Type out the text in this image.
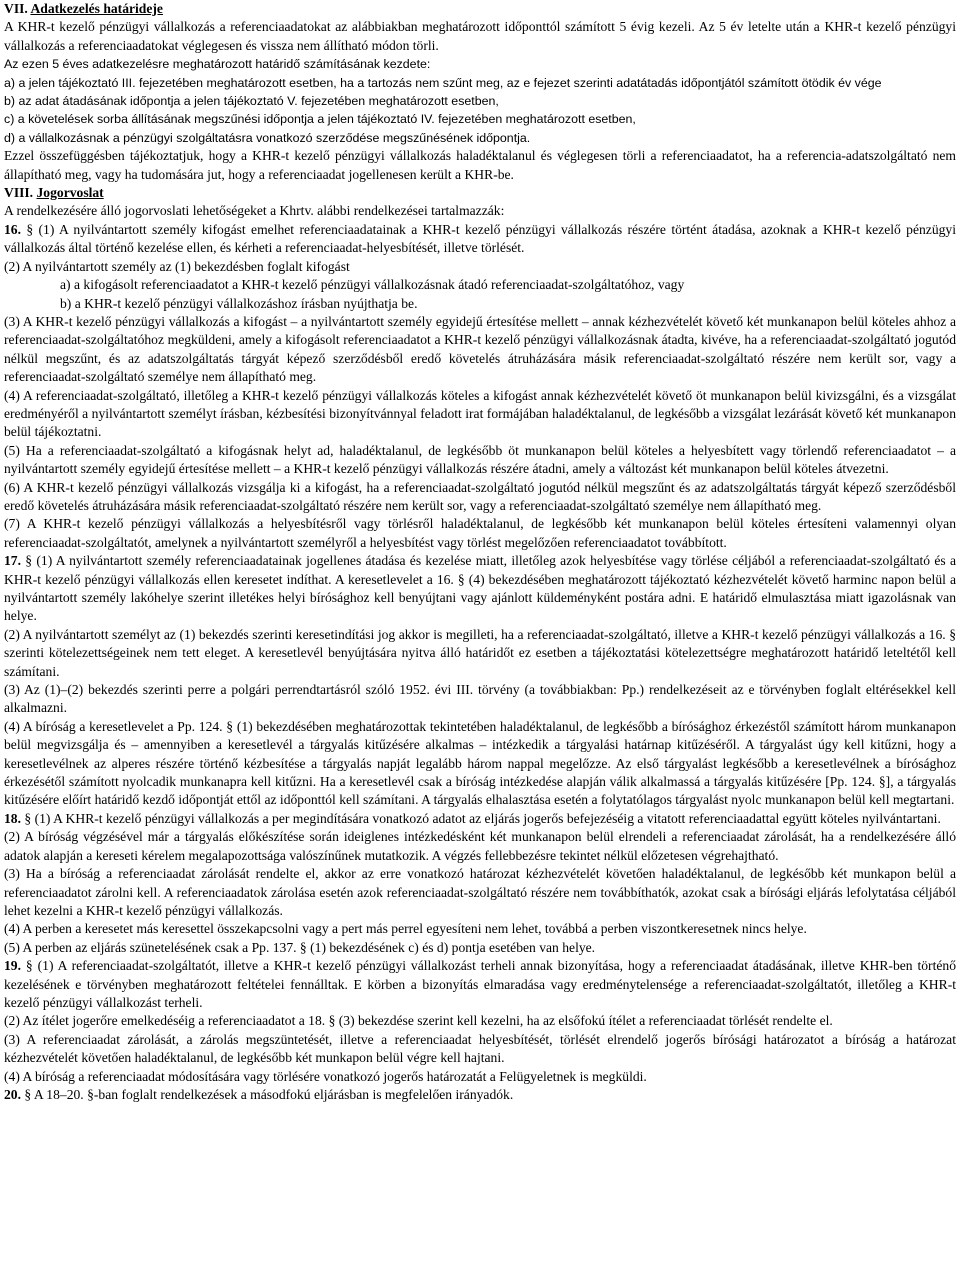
VII. Adatkezelés határideje

A KHR-t kezelő pénzügyi vállalkozás a referenciaadatokat az alábbiakban meghatározott időponttól számított 5 évig kezeli. Az 5 év letelte után a KHR-t kezelő pénzügyi vállalkozás a referenciaadatokat véglegesen és vissza nem állítható módon törli.

Az ezen 5 éves adatkezelésre meghatározott határidő számításának kezdete:

a) a jelen tájékoztató III. fejezetében meghatározott esetben, ha a tartozás nem szűnt meg, az e fejezet szerinti adatátadás időpontjától számított ötödik év vége

b) az adat átadásának időpontja a jelen tájékoztató V. fejezetében meghatározott esetben,

c) a követelések sorba állításának megszűnési időpontja a jelen tájékoztató IV. fejezetében meghatározott esetben,

d) a vállalkozásnak a pénzügyi szolgáltatásra vonatkozó szerződése megszűnésének időpontja.

Ezzel összefüggésben tájékoztatjuk, hogy a KHR-t kezelő pénzügyi vállalkozás haladéktalanul és véglegesen törli a referenciaadatot, ha a referencia-adatszolgáltató nem állapítható meg, vagy ha tudomására jut, hogy a referenciaadat jogellenesen került a KHR-be.

VIII. Jogorvoslat

A rendelkezésére álló jogorvoslati lehetőségeket a Khrtv. alábbi rendelkezései tartalmazzák:

16. § (1) A nyilvántartott személy kifogást emelhet referenciaadatainak a KHR-t kezelő pénzügyi vállalkozás részére történt átadása, azoknak a KHR-t kezelő pénzügyi vállalkozás által történő kezelése ellen, és kérheti a referenciaadat-helyesbítését, illetve törlését.

(2) A nyilvántartott személy az (1) bekezdésben foglalt kifogást

a) a kifogásolt referenciaadatot a KHR-t kezelő pénzügyi vállalkozásnak átadó referenciaadat-szolgáltatóhoz, vagy

b) a KHR-t kezelő pénzügyi vállalkozáshoz írásban nyújthatja be.

(3) A KHR-t kezelő pénzügyi vállalkozás a kifogást – a nyilvántartott személy egyidejű értesítése mellett – annak kézhezvételét követő két munkanapon belül köteles ahhoz a referenciaadat-szolgáltatóhoz megküldeni, amely a kifogásolt referenciaadatot a KHR-t kezelő pénzügyi vállalkozásnak átadta, kivéve, ha a referenciaadat-szolgáltató jogutód nélkül megszűnt, és az adatszolgáltatás tárgyát képező szerződésből eredő követelés átruházására másik referenciaadat-szolgáltató részére nem került sor, vagy a referenciaadat-szolgáltató személye nem állapítható meg.

(4) A referenciaadat-szolgáltató, illetőleg a KHR-t kezelő pénzügyi vállalkozás köteles a kifogást annak kézhezvételét követő öt munkanapon belül kivizsgálni, és a vizsgálat eredményéről a nyilvántartott személyt írásban, kézbesítési bizonyítvánnyal feladott irat formájában haladéktalanul, de legkésőbb a vizsgálat lezárását követő két munkanapon belül tájékoztatni.

(5) Ha a referenciaadat-szolgáltató a kifogásnak helyt ad, haladéktalanul, de legkésőbb öt munkanapon belül köteles a helyesbített vagy törlendő referenciaadatot – a nyilvántartott személy egyidejű értesítése mellett – a KHR-t kezelő pénzügyi vállalkozás részére átadni, amely a változást két munkanapon belül köteles átvezetni.

(6) A KHR-t kezelő pénzügyi vállalkozás vizsgálja ki a kifogást, ha a referenciaadat-szolgáltató jogutód nélkül megszűnt és az adatszolgáltatás tárgyát képező szerződésből eredő követelés átruházására másik referenciaadat-szolgáltató részére nem került sor, vagy a referenciaadat-szolgáltató személye nem állapítható meg.

(7) A KHR-t kezelő pénzügyi vállalkozás a helyesbítésről vagy törlésről haladéktalanul, de legkésőbb két munkanapon belül köteles értesíteni valamennyi olyan referenciaadat-szolgáltatót, amelynek a nyilvántartott személyről a helyesbítést vagy törlést megelőzően referenciaadatot továbbított.

17. § (1) A nyilvántartott személy referenciaadatainak jogellenes átadása és kezelése miatt, illetőleg azok helyesbítése vagy törlése céljából a referenciaadat-szolgáltató és a KHR-t kezelő pénzügyi vállalkozás ellen keresetet indíthat. A keresetlevelet a 16. § (4) bekezdésében meghatározott tájékoztató kézhezvételét követő harminc napon belül a nyilvántartott személy lakóhelye szerint illetékes helyi bírósághoz kell benyújtani vagy ajánlott küldeményként postára adni. E határidő elmulasztása miatt igazolásnak van helye.

(2) A nyilvántartott személyt az (1) bekezdés szerinti keresetindítási jog akkor is megilleti, ha a referenciaadat-szolgáltató, illetve a KHR-t kezelő pénzügyi vállalkozás a 16. § szerinti kötelezettségeinek nem tett eleget. A keresetlevél benyújtására nyitva álló határidőt ez esetben a tájékoztatási kötelezettségre meghatározott határidő leteltétől kell számítani.

(3) Az (1)–(2) bekezdés szerinti perre a polgári perrendtartásról szóló 1952. évi III. törvény (a továbbiakban: Pp.) rendelkezéseit az e törvényben foglalt eltérésekkel kell alkalmazni.

(4) A bíróság a keresetlevelet a Pp. 124. § (1) bekezdésében meghatározottak tekintetében haladéktalanul, de legkésőbb a bírósághoz érkezéstől számított három munkanapon belül megvizsgálja és – amennyiben a keresetlevél a tárgyalás kitűzésére alkalmas – intézkedik a tárgyalási határnap kitűzéséről. A tárgyalást úgy kell kitűzni, hogy a keresetlevélnek az alperes részére történő kézbesítése a tárgyalás napját legalább három nappal megelőzze. Az első tárgyalást legkésőbb a keresetlevélnek a bírósághoz érkezésétől számított nyolcadik munkanapra kell kitűzni. Ha a keresetlevél csak a bíróság intézkedése alapján válik alkalmassá a tárgyalás kitűzésére [Pp. 124. §], a tárgyalás kitűzésére előírt határidő kezdő időpontját ettől az időponttól kell számítani. A tárgyalás elhalasztása esetén a folytatólagos tárgyalást nyolc munkanapon belül kell megtartani.

18. § (1) A KHR-t kezelő pénzügyi vállalkozás a per megindítására vonatkozó adatot az eljárás jogerős befejezéséig a vitatott referenciaadattal együtt köteles nyilvántartani.

(2) A bíróság végzésével már a tárgyalás előkészítése során ideiglenes intézkedésként két munkanapon belül elrendeli a referenciaadat zárolását, ha a rendelkezésére álló adatok alapján a kereseti kérelem megalapozottsága valószínűnek mutatkozik. A végzés fellebbezésre tekintet nélkül előzetesen végrehajtható.

(3) Ha a bíróság a referenciaadat zárolását rendelte el, akkor az erre vonatkozó határozat kézhezvételét követően haladéktalanul, de legkésőbb két munkapon belül a referenciaadatot zárolni kell. A referenciaadatok zárolása esetén azok referenciaadat-szolgáltató részére nem továbbíthatók, azokat csak a bírósági eljárás lefolytatása céljából lehet kezelni a KHR-t kezelő pénzügyi vállalkozás.

(4) A perben a keresetet más keresettel összekapcsolni vagy a pert más perrel egyesíteni nem lehet, továbbá a perben viszontkeresetnek nincs helye.

(5) A perben az eljárás szünetelésének csak a Pp. 137. § (1) bekezdésének c) és d) pontja esetében van helye.

19. § (1) A referenciaadat-szolgáltatót, illetve a KHR-t kezelő pénzügyi vállalkozást terheli annak bizonyítása, hogy a referenciaadat átadásának, illetve KHR-ben történő kezelésének e törvényben meghatározott feltételei fennálltak. E körben a bizonyítás elmaradása vagy eredménytelensége a referenciaadat-szolgáltatót, illetőleg a KHR-t kezelő pénzügyi vállalkozást terheli.

(2) Az ítélet jogerőre emelkedéséig a referenciaadatot a 18. § (3) bekezdése szerint kell kezelni, ha az elsőfokú ítélet a referenciaadat törlését rendelte el.

(3) A referenciaadat zárolását, a zárolás megszüntetését, illetve a referenciaadat helyesbítését, törlését elrendelő jogerős bírósági határozatot a bíróság a határozat kézhezvételét követően haladéktalanul, de legkésőbb két munkapon belül végre kell hajtani.

(4) A bíróság a referenciaadat módosítására vagy törlésére vonatkozó jogerős határozatát a Felügyeletnek is megküldi.

20. § A 18–20. §-ban foglalt rendelkezések a másodfokú eljárásban is megfelelően irányadók.
